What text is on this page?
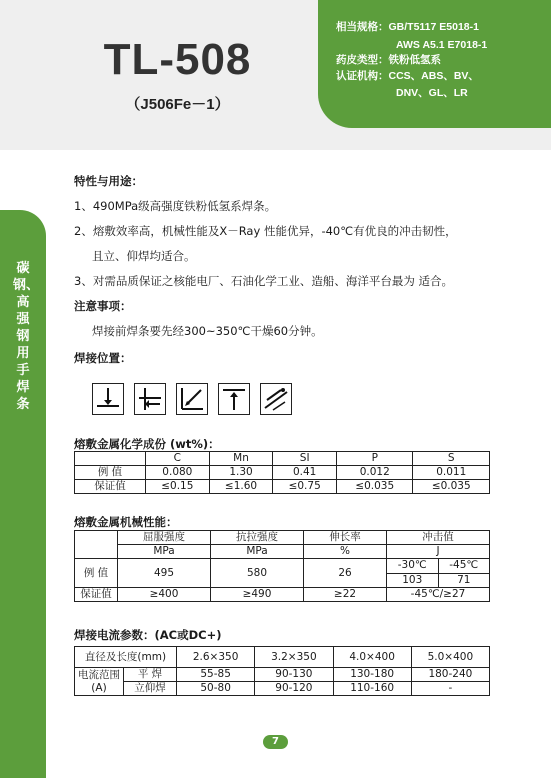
TL-508
（J506Fe－1）
相当规格：GB/T5117 E5018-1
AWS A5.1 E7018-1
药皮类型：铁粉低氢系
认证机构：CCS、ABS、BV、
DNV、GL、LR
碳钢、高强钢用手焊条
特性与用途：
1、490MPa级高强度铁粉低氢系焊条。
2、熔敷效率高，机械性能及X－Ray 性能优异，-40℃有优良的冲击韧性，
且立、仰焊均适合。
3、对需品质保证之核能电厂、石油化学工业、造船、海洋平台最为 适合。
注意事项：
焊接前焊条要先经300~350℃干燥60分钟。
焊接位置：
熔敷金属化学成份 (wt%)：
	C	Mn	SI	P	S
例 值	0.080	1.30	0.41	0.012	0.011
保证值	≤0.15	≤1.60	≤0.75	≤0.035	≤0.035
熔敷金属机械性能：
	屈服强度	抗拉强度	伸长率	冲击值	
	MPa	MPa	%	J	
例 值	495	580	26	-30℃	-45℃
				103	71
保证值	≥400	≥490	≥22	-45℃/≥27	
焊接电流参数：(AC或DC+)
直径及长度(mm)		2.6×350	3.2×350	4.0×400	5.0×400

电流范围
(A)	平 焊	55-85	90-130	130-180	180-240
	立仰焊	50-80	90-120	110-160	-
7
